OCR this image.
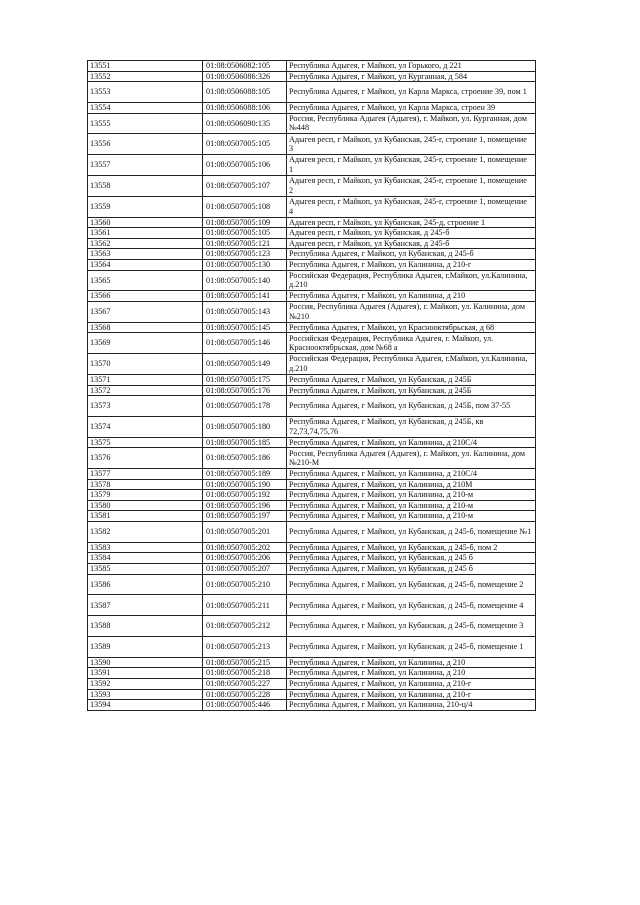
13551	01:08:0506082:105	Республика Адыгея, г Майкоп, ул Горького, д 221
13552	01:08:0506086:326	Республика Адыгея, г Майкоп, ул Курганная, д 584
13553	01:08:0506088:105	Республика Адыгея, г Майкоп, ул Карла Маркса, строение 39, пом 1
13554	01:08:0506088:106	Республика Адыгея, г Майкоп, ул Карла Маркса, строен 39
13555	01:08:0506090:135	Россия, Республика Адыгея (Адыгея), г. Майкоп, ул. Курганная, дом №448
13556	01:08:0507005:105	Адыгея респ, г Майкоп, ул Кубанская, 245-г, строение 1, помещение 3
13557	01:08:0507005:106	Адыгея респ, г Майкоп, ул Кубанская, 245-г, строение 1, помещение 1
13558	01:08:0507005:107	Адыгея респ, г Майкоп, ул Кубанская, 245-г, строение 1, помещение 2
13559	01:08:0507005:108	Адыгея респ, г Майкоп, ул Кубанская, 245-г, строение 1, помещение 4
13560	01:08:0507005:109	Адыгея респ, г Майкоп, ул Кубанская, 245-д, строение 1
13561	01:08:0507005:105	Адыгея респ, г Майкоп, ул Кубанская, д 245-б
13562	01:08:0507005:121	Адыгея респ, г Майкоп, ул Кубанская, д 245-б
13563	01:08:0507005:123	Республика Адыгея, г Майкоп, ул Кубанская, д 245-б
13564	01:08:0507005:130	Республика Адыгея, г Майкоп, ул Калинина, д 210-г
13565	01:08:0507005:140	Российская Федерация, Республика Адыгея, г.Майкоп, ул.Калинина, д.210
13566	01:08:0507005:141	Республика Адыгея, г Майкоп, ул Калинина, д 210
13567	01:08:0507005:143	Россия, Республика Адыгея (Адыгея), г. Майкоп, ул. Калинина, дом №210
13568	01:08:0507005:145	Республика Адыгея, г Майкоп, ул Краснооктябрьская, д 68
13569	01:08:0507005:146	Российская Федерация, Республика Адыгея, г. Майкоп, ул. Краснооктябрьская, дом №68 а
13570	01:08:0507005:149	Российская Федерация, Республика Адыгея, г.Майкоп, ул.Калинина, д.210
13571	01:08:0507005:175	Республика Адыгея, г Майкоп, ул Кубанская, д 245Б
13572	01:08:0507005:176	Республика Адыгея, г Майкоп, ул Кубанская, д 245Б
13573	01:08:0507005:178	Республика Адыгея, г Майкоп, ул Кубанская, д 245Б, пом 37-55
13574	01:08:0507005:180	Республика Адыгея, г Майкоп, ул Кубанская, д 245Б, кв 72,73,74,75,76
13575	01:08:0507005:185	Республика Адыгея, г Майкоп, ул Калинина, д 210С/4
13576	01:08:0507005:186	Россия, Республика Адыгея (Адыгея), г. Майкоп, ул. Калинина, дом №210-М
13577	01:08:0507005:189	Республика Адыгея, г Майкоп, ул Калинина, д 210С/4
13578	01:08:0507005:190	Республика Адыгея, г Майкоп, ул Калинина, д 210М
13579	01:08:0507005:192	Республика Адыгея, г Майкоп, ул Калинина, д 210-м
13580	01:08:0507005:196	Республика Адыгея, г Майкоп, ул Калинина, д 210-м
13581	01:08:0507005:197	Республика Адыгея, г Майкоп, ул Калинина, д 210-м
13582	01:08:0507005:201	Республика Адыгея, г Майкоп, ул Кубанская, д 245-б, помещение №1
13583	01:08:0507005:202	Республика Адыгея, г Майкоп, ул Кубанская, д 245-б, пом 2
13584	01:08:0507005:206	Республика Адыгея, г Майкоп, ул Кубанская, д 245 б
13585	01:08:0507005:207	Республика Адыгея, г Майкоп, ул Кубанская, д 245 б
13586	01:08:0507005:210	Республика Адыгея, г Майкоп, ул Кубанская, д 245-б, помещение 2
13587	01:08:0507005:211	Республика Адыгея, г Майкоп, ул Кубанская, д 245-б, помещение 4
13588	01:08:0507005:212	Республика Адыгея, г Майкоп, ул Кубанская, д 245-б, помещение 3
13589	01:08:0507005:213	Республика Адыгея, г Майкоп, ул Кубанская, д 245-б, помещение 1
13590	01:08:0507005:215	Республика Адыгея, г Майкоп, ул Калинина, д 210
13591	01:08:0507005:218	Республика Адыгея, г Майкоп, ул Калинина, д 210
13592	01:08:0507005:227	Республика Адыгея, г Майкоп, ул Калинина, д 210-г
13593	01:08:0507005:228	Республика Адыгея, г Майкоп, ул Калинина, д 210-г
13594	01:08:0507005:446	Республика Адыгея, г Майкоп, ул Калинина, 210-ц/4
